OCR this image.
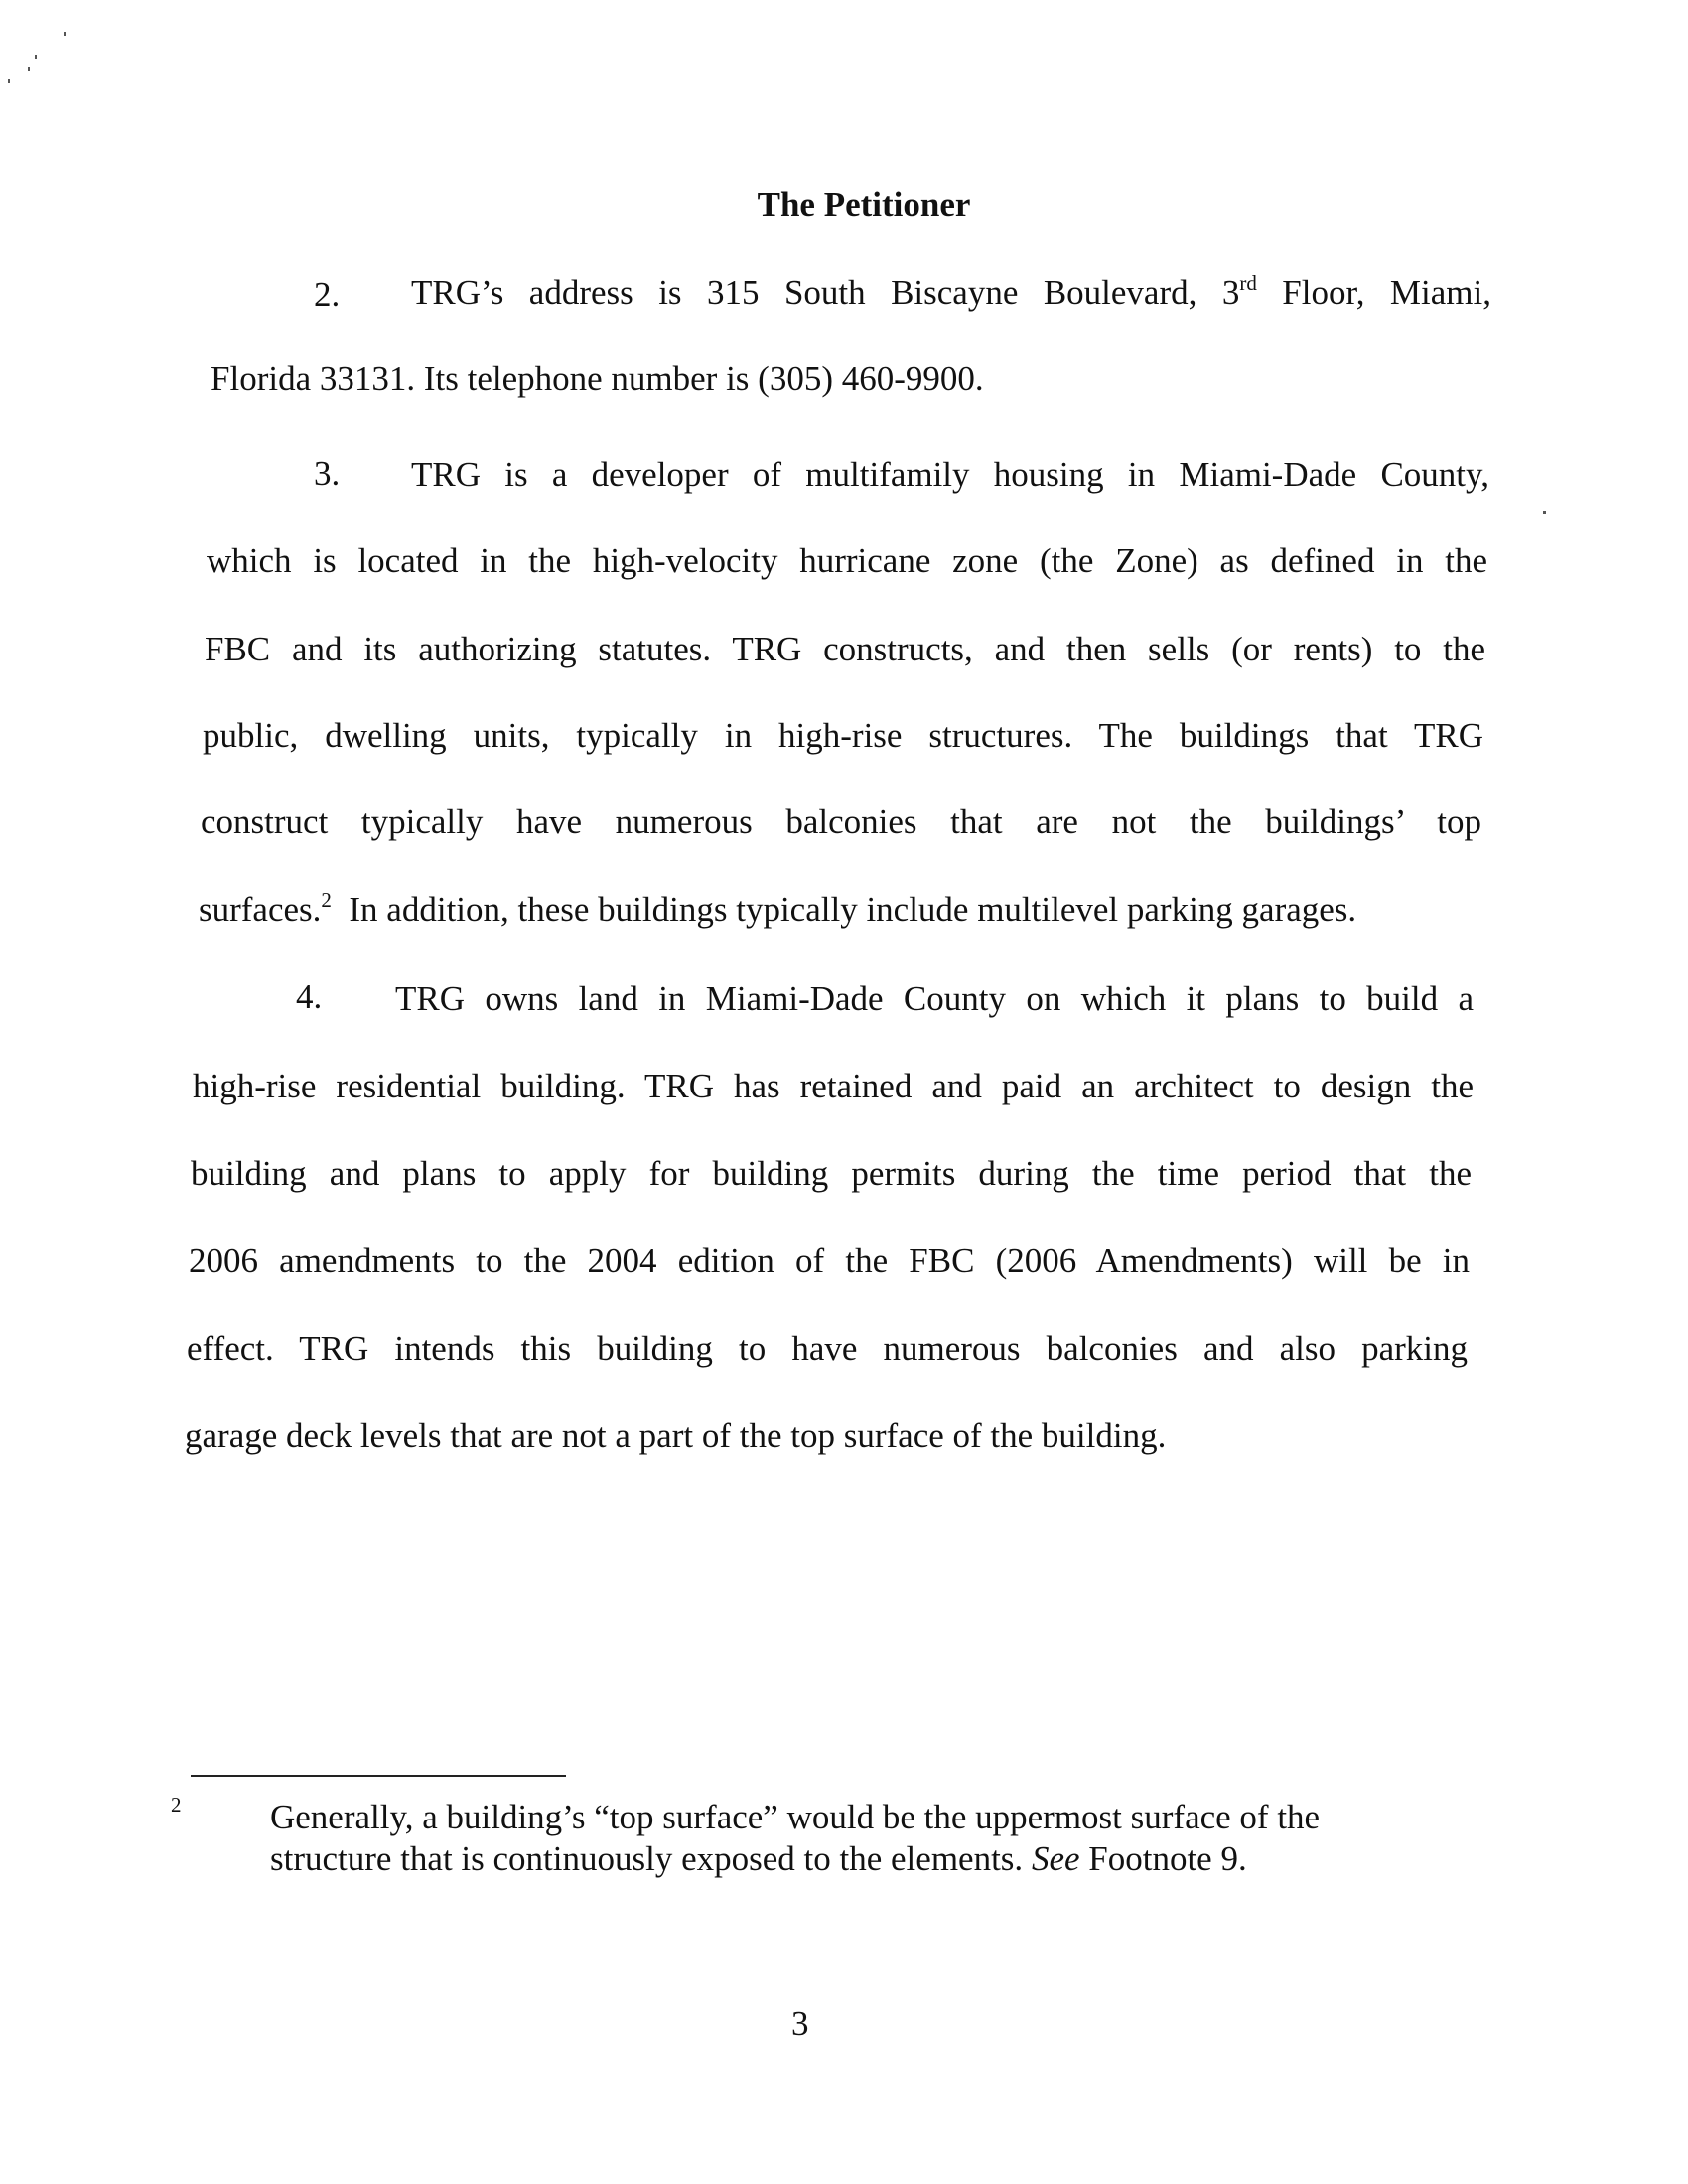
The Petitioner
2. TRG’s address is 315 South Biscayne Boulevard, 3rd Floor, Miami,
Florida 33131. Its telephone number is (305) 460-9900.
3. TRG is a developer of multifamily housing in Miami-Dade County,
which is located in the high-velocity hurricane zone (the Zone) as defined in the
FBC and its authorizing statutes. TRG constructs, and then sells (or rents) to the
public, dwelling units, typically in high-rise structures. The buildings that TRG
construct typically have numerous balconies that are not the buildings’ top
surfaces.$^2$ In addition, these buildings typically include multilevel parking garages.
4. TRG owns land in Miami-Dade County on which it plans to build a
high-rise residential building. TRG has retained and paid an architect to design the
building and plans to apply for building permits during the time period that the
2006 amendments to the 2004 edition of the FBC (2006 Amendments) will be in
effect. TRG intends this building to have numerous balconies and also parking
garage deck levels that are not a part of the top surface of the building.
2	Generally, a building’s “top surface” would be the uppermost surface of the
structure that is continuously exposed to the elements. See Footnote 9.
3
